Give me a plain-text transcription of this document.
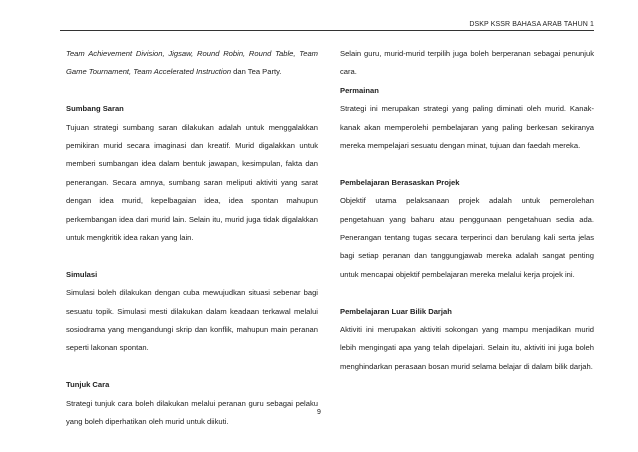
DSKP KSSR BAHASA ARAB TAHUN 1

Team Achievement Division, Jigsaw, Round Robin, Round Table, Team Game Tournament, Team Accelerated Instruction dan Tea Party.

Sumbang Saran

Tujuan strategi sumbang saran dilakukan adalah untuk menggalakkan pemikiran murid secara imaginasi dan kreatif. Murid digalakkan untuk memberi sumbangan idea dalam bentuk jawapan, kesimpulan, fakta dan penerangan. Secara amnya, sumbang saran meliputi aktiviti yang sarat dengan idea murid, kepelbagaian idea, idea spontan mahupun perkembangan idea dari murid lain. Selain itu, murid juga tidak digalakkan untuk mengkritik idea rakan yang lain.

Simulasi

Simulasi boleh dilakukan dengan cuba mewujudkan situasi sebenar bagi sesuatu topik. Simulasi mesti dilakukan dalam keadaan terkawal melalui sosiodrama yang mengandungi skrip dan konflik, mahupun main peranan seperti lakonan spontan.

Tunjuk Cara

Strategi tunjuk cara boleh dilakukan melalui peranan guru sebagai pelaku yang boleh diperhatikan oleh murid untuk diikuti.

Selain guru, murid-murid terpilih juga boleh berperanan sebagai penunjuk cara.

Permainan

Strategi ini merupakan strategi yang paling diminati oleh murid. Kanak-kanak akan memperolehi pembelajaran yang paling berkesan sekiranya mereka mempelajari sesuatu dengan minat, tujuan dan faedah mereka.

Pembelajaran Berasaskan Projek

Objektif utama pelaksanaan projek adalah untuk pemerolehan pengetahuan yang baharu atau penggunaan pengetahuan sedia ada. Penerangan tentang tugas secara terperinci dan berulang kali serta jelas bagi setiap peranan dan tanggungjawab mereka adalah sangat penting untuk mencapai objektif pembelajaran mereka melalui kerja projek ini.

Pembelajaran Luar Bilik Darjah

Aktiviti ini merupakan aktiviti sokongan yang mampu menjadikan murid lebih mengingati apa yang telah dipelajari. Selain itu, aktiviti ini juga boleh menghindarkan perasaan bosan murid selama belajar di dalam bilik darjah.

9
